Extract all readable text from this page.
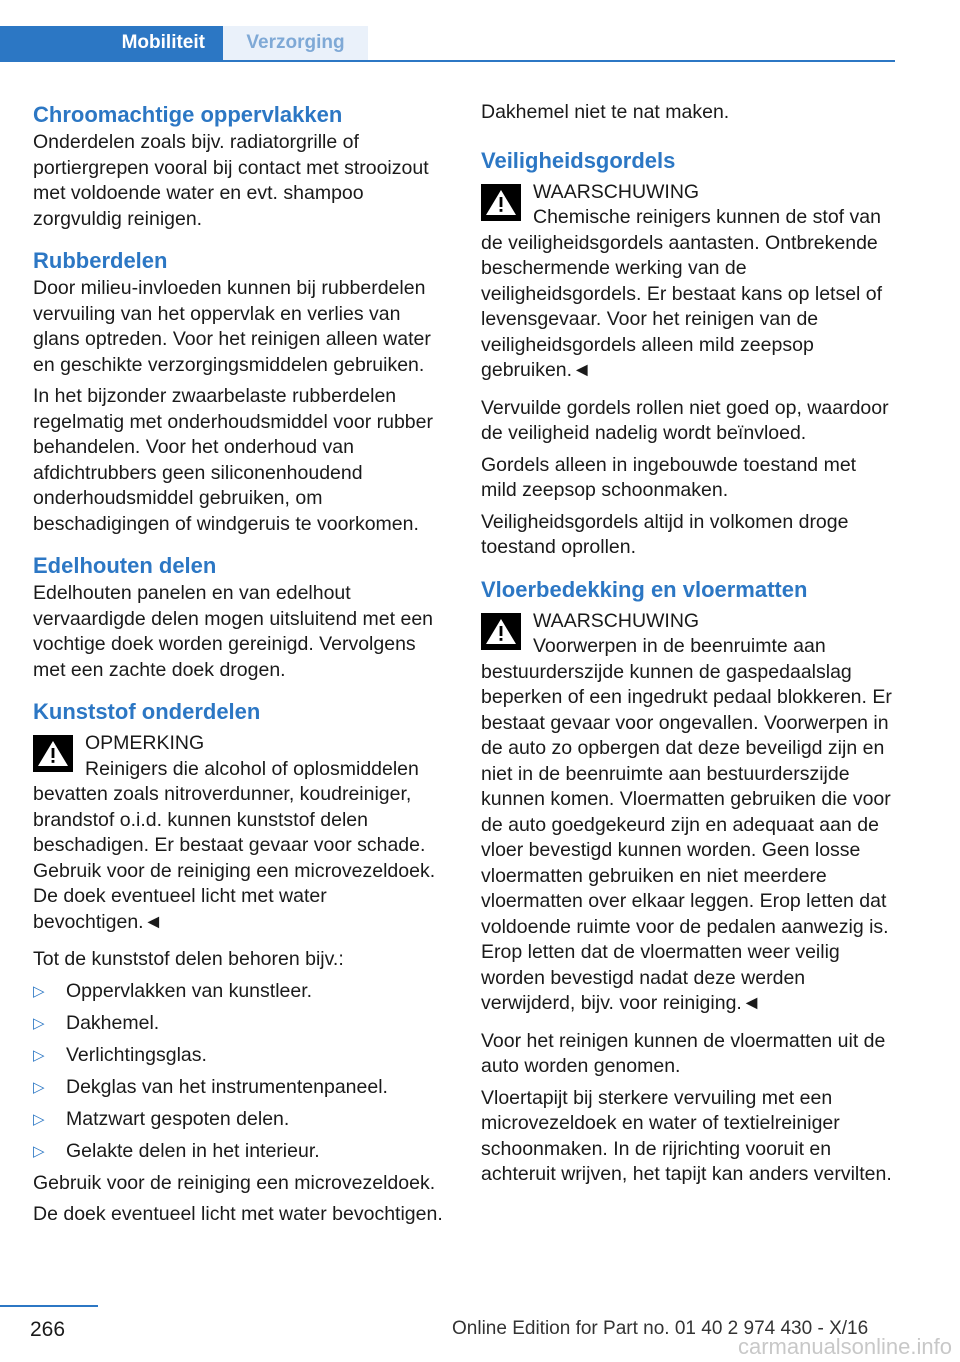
Mobiliteit	Verzorging
Chroomachtige oppervlakken

Onderdelen zoals bijv. radiatorgrille of portiergrepen vooral bij contact met strooizout met voldoende water en evt. shampoo zorgvuldig reinigen.

Rubberdelen

Door milieu-invloeden kunnen bij rubberdelen vervuiling van het oppervlak en verlies van glans optreden. Voor het reinigen alleen water en geschikte verzorgingsmiddelen gebruiken.

In het bijzonder zwaarbelaste rubberdelen regelmatig met onderhoudsmiddel voor rubber behandelen. Voor het onderhoud van afdichtrubbers geen siliconenhoudend onderhoudsmiddel gebruiken, om beschadigingen of windgeruis te voorkomen.

Edelhouten delen

Edelhouten panelen en van edelhout vervaardigde delen mogen uitsluitend met een vochtige doek worden gereinigd. Vervolgens met een zachte doek drogen.

Kunststof onderdelen
OPMERKING
Reinigers die alcohol of oplosmiddelen bevatten zoals nitroverdunner, koudreiniger, brandstof o.i.d. kunnen kunststof delen beschadigen. Er bestaat gevaar voor schade. Gebruik voor de reiniging een microvezeldoek. De doek eventueel licht met water bevochtigen.◄

Tot de kunststof delen behoren bijv.:

▷ Oppervlakken van kunstleer.
▷ Dakhemel.
▷ Verlichtingsglas.
▷ Dekglas van het instrumentenpaneel.
▷ Matzwart gespoten delen.
▷ Gelakte delen in het interieur.

Gebruik voor de reiniging een microvezeldoek.

De doek eventueel licht met water bevochtigen.

Dakhemel niet te nat maken.

Veiligheidsgordels
WAARSCHUWING
Chemische reinigers kunnen de stof van de veiligheidsgordels aantasten. Ontbrekende beschermende werking van de veiligheidsgordels. Er bestaat kans op letsel of levensgevaar. Voor het reinigen van de veiligheidsgordels alleen mild zeepsop gebruiken.◄

Vervuilde gordels rollen niet goed op, waardoor de veiligheid nadelig wordt beïnvloed.

Gordels alleen in ingebouwde toestand met mild zeepsop schoonmaken.

Veiligheidsgordels altijd in volkomen droge toestand oprollen.

Vloerbedekking en vloermatten
WAARSCHUWING
Voorwerpen in de beenruimte aan bestuurderszijde kunnen de gaspedaalslag beperken of een ingedrukt pedaal blokkeren. Er bestaat gevaar voor ongevallen. Voorwerpen in de auto zo opbergen dat deze beveiligd zijn en niet in de beenruimte aan bestuurderszijde kunnen komen. Vloermatten gebruiken die voor de auto goedgekeurd zijn en adequaat aan de vloer bevestigd kunnen worden. Geen losse vloermatten gebruiken en niet meerdere vloermatten over elkaar leggen. Erop letten dat voldoende ruimte voor de pedalen aanwezig is. Erop letten dat de vloermatten weer veilig worden bevestigd nadat deze werden verwijderd, bijv. voor reiniging.◄

Voor het reinigen kunnen de vloermatten uit de auto worden genomen.

Vloertapijt bij sterkere vervuiling met een microvezeldoek en water of textielreiniger schoonmaken. In de rijrichting vooruit en achteruit wrijven, het tapijt kan anders vervilten.

266	Online Edition for Part no. 01 40 2 974 430 - X/16
carmanualsonline.info
